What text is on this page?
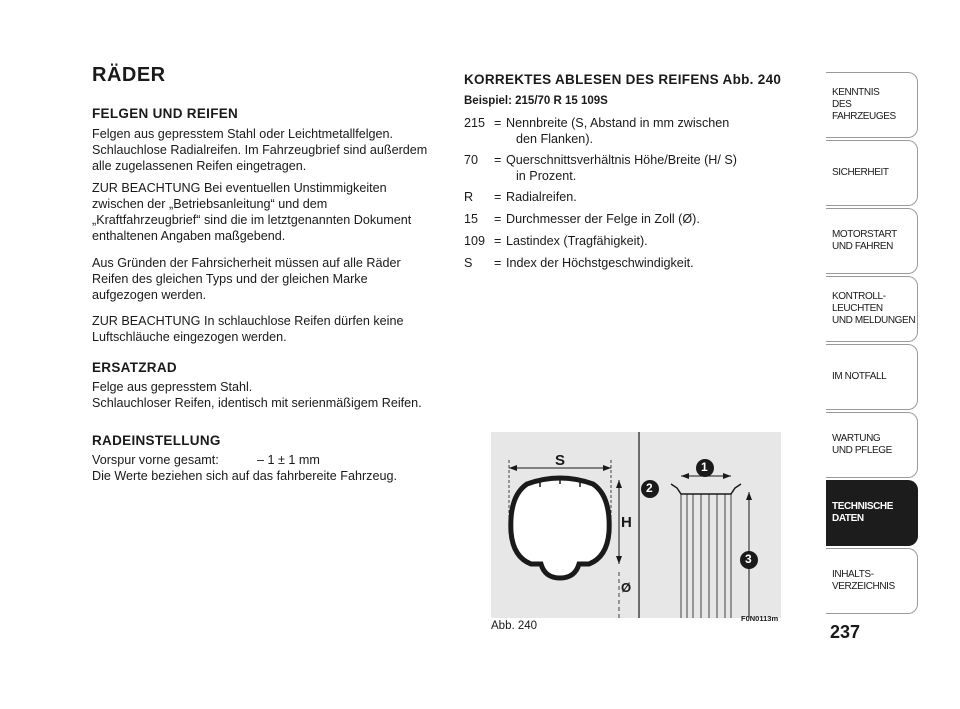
RÄDER
FELGEN UND REIFEN

Felgen aus gepresstem Stahl oder Leichtmetallfelgen.

Schlauchlose Radialreifen. Im Fahrzeugbrief sind außerdem

alle zugelassenen Reifen eingetragen.

ZUR BEACHTUNG Bei eventuellen Unstimmigkeiten

zwischen der „Betriebsanleitung“ und dem

„Kraftfahrzeugbrief“ sind die im letztgenannten Dokument

enthaltenen Angaben maßgebend.

Aus Gründen der Fahrsicherheit müssen auf alle Räder

Reifen des gleichen Typs und der gleichen Marke

aufgezogen werden.

ZUR BEACHTUNG In schlauchlose Reifen dürfen keine

Luftschläuche eingezogen werden.

ERSATZRAD

Felge aus gepresstem Stahl.

Schlauchloser Reifen, identisch mit serienmäßigem Reifen.

RADEINSTELLUNG

Vorspur vorne gesamt:	– 1 ± 1 mm

Die Werte beziehen sich auf das fahrbereite Fahrzeug.

KORREKTES ABLESEN DES REIFENS Abb. 240

Beispiel: 215/70 R 15 109S

215 = Nennbreite (S, Abstand in mm zwischen
den Flanken).
70	= Querschnittsverhältnis Höhe/Breite (H/ S)
in Prozent.
R	= Radialreifen.
15	= Durchmesser der Felge in Zoll (Ø).
109 = Lastindex (Tragfähigkeit).
S	= Index der Höchstgeschwindigkeit.
S
H
Ø
1
2
3
Abb. 240
F0N0113m
KENNTNIS
DES FAHRZEUGES
SICHERHEIT
MOTORSTART
UND FAHREN
KONTROLL-
LEUCHTEN
UND MELDUNGEN
IM NOTFALL
WARTUNG
UND PFLEGE
TECHNISCHE
DATEN
INHALTS-
VERZEICHNIS
237
